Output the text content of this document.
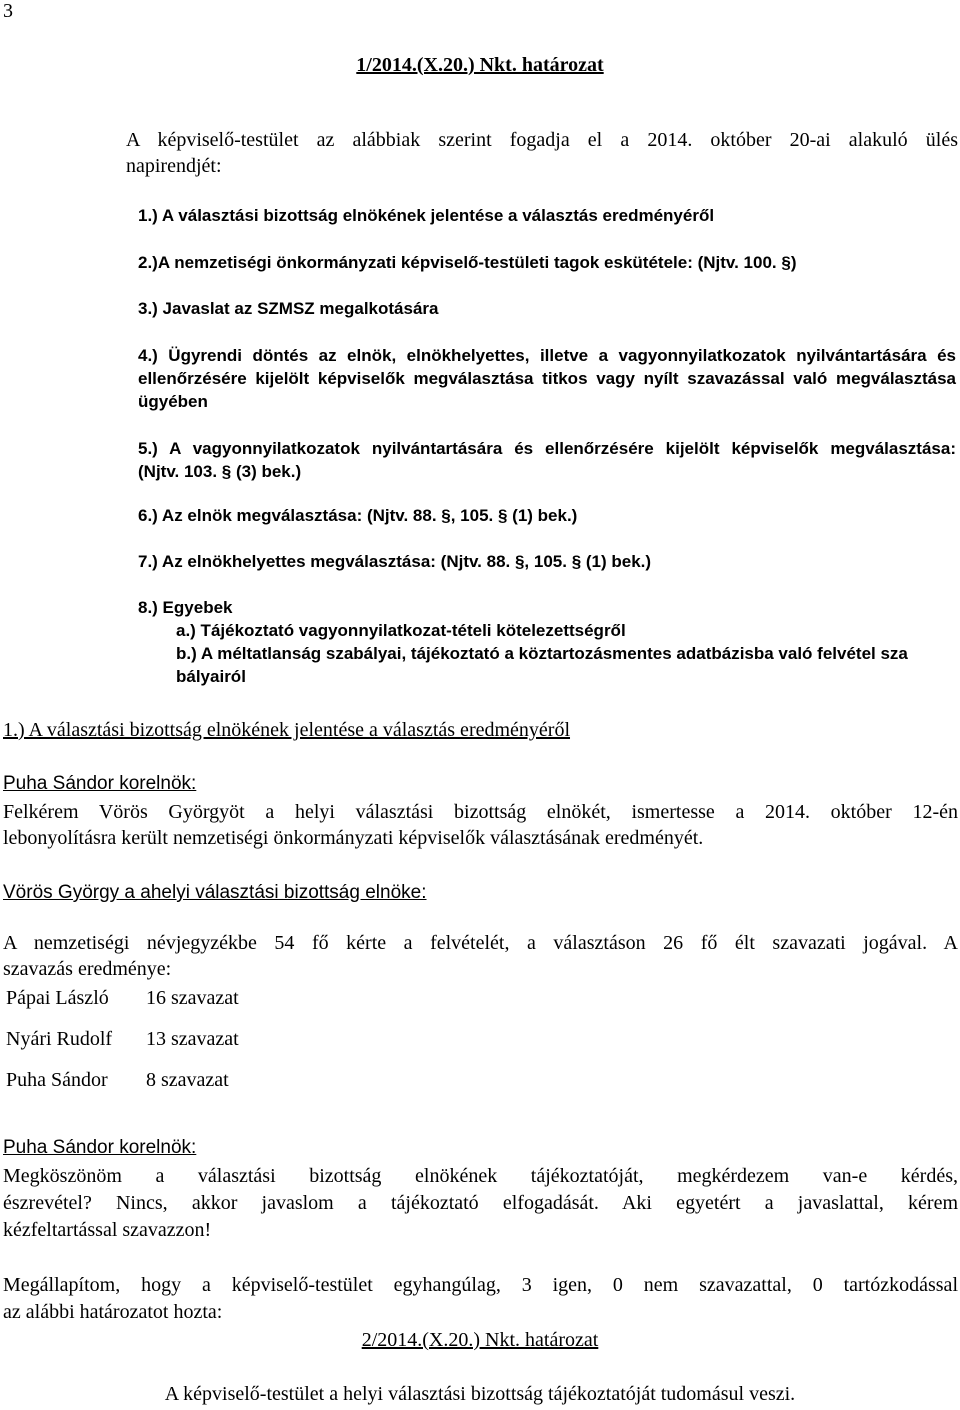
3
1/2014.(X.20.) Nkt. határozat
A képviselő-testület az alábbiak szerint fogadja el a 2014. október 20-ai alakuló ülés
napirendjét:
1.) A választási bizottság elnökének jelentése a választás eredményéről
2.)A nemzetiségi önkormányzati képviselő-testületi tagok eskütétele: (Njtv. 100. §)
3.) Javaslat az SZMSZ megalkotására
4.) Ügyrendi döntés az elnök, elnökhelyettes, illetve a vagyonnyilatkozatok nyilvántartására és
ellenőrzésére kijelölt képviselők megválasztása titkos vagy nyílt szavazással való megválasztása
ügyében
5.) A vagyonnyilatkozatok nyilvántartására és ellenőrzésére kijelölt képviselők megválasztása:
(Njtv. 103. § (3) bek.)
6.) Az elnök megválasztása: (Njtv. 88. §, 105. § (1) bek.)
7.) Az elnökhelyettes megválasztása: (Njtv. 88. §, 105. § (1) bek.)
8.) Egyebek
a.) Tájékoztató vagyonnyilatkozat-tételi kötelezettségről
b.) A méltatlanság szabályai, tájékoztató a köztartozásmentes adatbázisba való felvétel sza
bályairól
1.) A választási bizottság elnökének jelentése a választás eredményéről
Puha Sándor korelnök:
Felkérem Vörös Györgyöt a helyi választási bizottság elnökét, ismertesse a 2014. október 12-én
lebonyolításra került nemzetiségi önkormányzati képviselők választásának eredményét.
Vörös György a ahelyi választási bizottság elnöke:
A nemzetiségi névjegyzékbe 54 fő kérte a felvételét, a választáson 26 fő élt szavazati jogával. A
szavazás eredménye:
Pápai László 16 szavazat
Nyári Rudolf 13 szavazat
Puha Sándor 8 szavazat
Puha Sándor korelnök:
Megköszönöm a választási bizottság elnökének tájékoztatóját, megkérdezem van-e kérdés,
észrevétel? Nincs, akkor javaslom a tájékoztató elfogadását. Aki egyetért a javaslattal, kérem
kézfeltartással szavazzon!
Megállapítom, hogy a képviselő-testület egyhangúlag, 3 igen, 0 nem szavazattal, 0 tartózkodással
az alábbi határozatot hozta:
2/2014.(X.20.) Nkt. határozat
A képviselő-testület a helyi választási bizottság tájékoztatóját tudomásul veszi.
